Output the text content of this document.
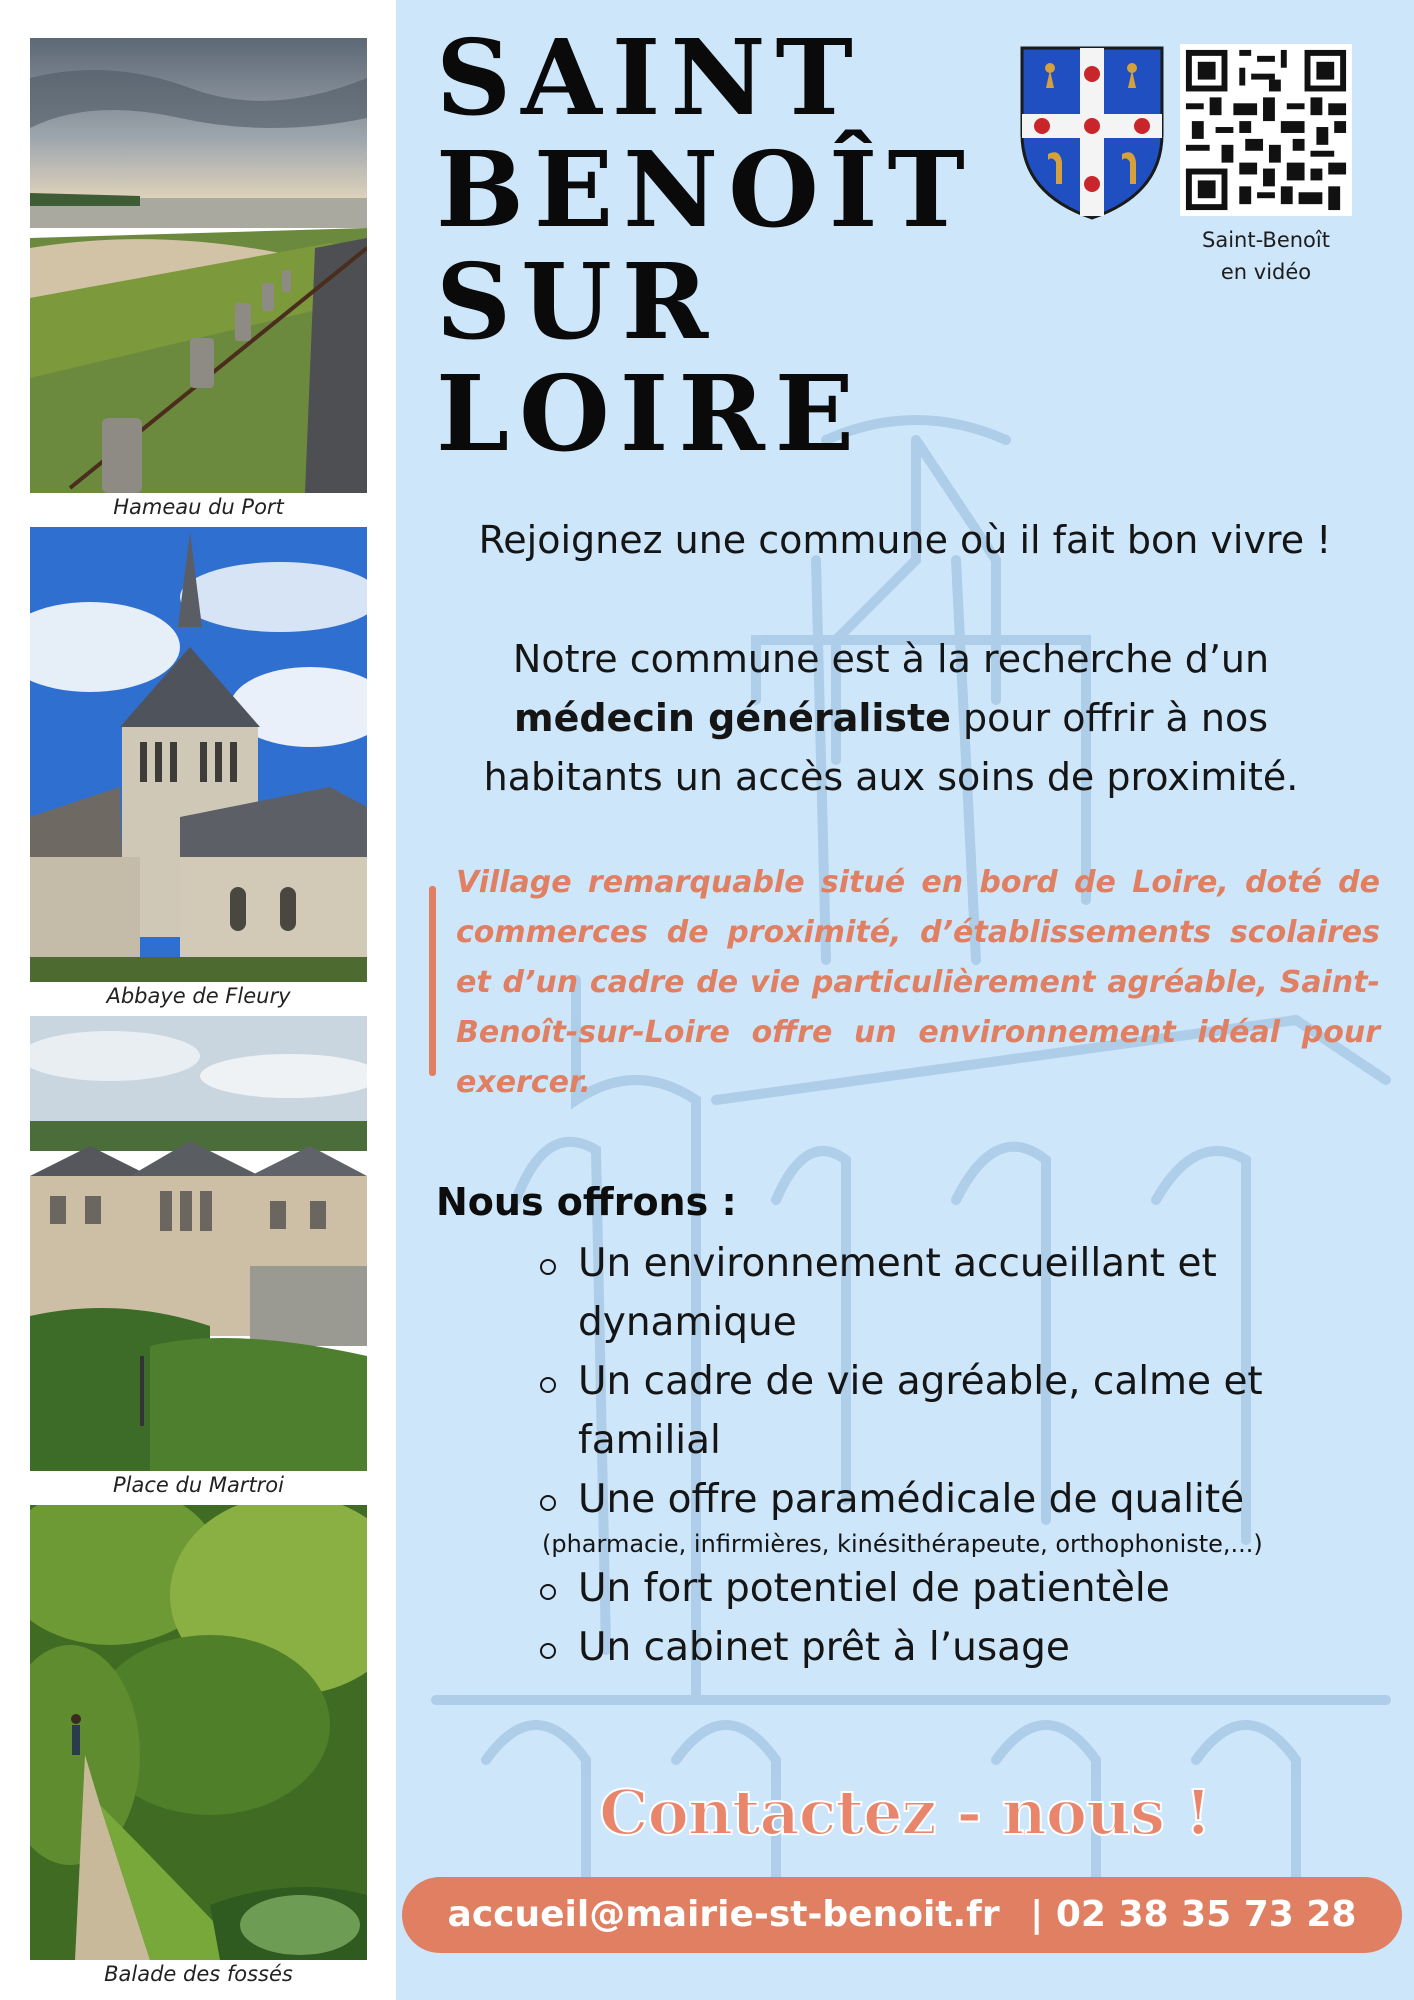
Hameau du Port
Abbaye de Fleury
Place du Martroi
Balade des fossés
SAINT
BENOÎT
SUR
LOIRE
Saint-Benoît
en vidéo
Rejoignez une commune où il fait bon vivre !

Notre commune est à la recherche d’un
médecin généraliste pour offrir à nos habitants un accès aux soins de proximité.

Village remarquable situé en bord de Loire, doté de commerces de proximité, d’établissements scolaires et d’un cadre de vie particulièrement agréable, Saint-Benoît-sur-Loire offre un environnement idéal pour exercer.

Nous offrons :
Un environnement accueillant et dynamique
Un cadre de vie agréable, calme et familial
Une offre paramédicale de qualité
(pharmacie, infirmières, kinésithérapeute, orthophoniste,...)
Un fort potentiel de patientèle
Un cabinet prêt à l’usage
Contactez - nous !
accueil@mairie-st-benoit.fr | 02 38 35 73 28
